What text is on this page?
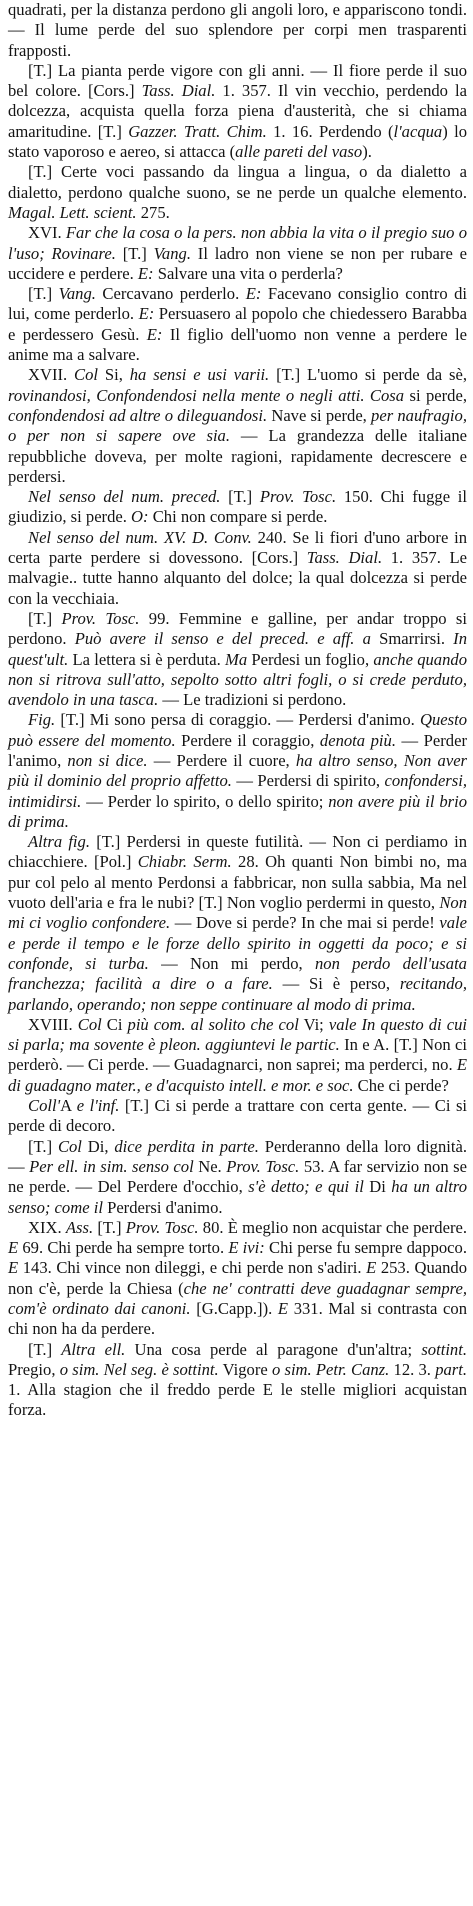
quadrati, per la distanza perdono gli angoli loro, e appariscono tondi. — Il lume perde del suo splendore per corpi men trasparenti frapposti.

[T.] La pianta perde vigore con gli anni. — Il fiore perde il suo bel colore. [Cors.] Tass. Dial. 1. 357. Il vin vecchio, perdendo la dolcezza, acquista quella forza piena d'austerità, che si chiama amaritudine. [T.] Gazzer. Tratt. Chim. 1. 16. Perdendo (l'acqua) lo stato vaporoso e aereo, si attacca (alle pareti del vaso).

[T.] Certe voci passando da lingua a lingua, o da dialetto a dialetto, perdono qualche suono, se ne perde un qualche elemento. Magal. Lett. scient. 275.

XVI. Far che la cosa o la pers. non abbia la vita o il pregio suo o l'uso; Rovinare. [T.] Vang. Il ladro non viene se non per rubare e uccidere e perdere. E: Salvare una vita o perderla?

[T.] Vang. Cercavano perderlo. E: Facevano consiglio contro di lui, come perderlo. E: Persuasero al popolo che chiedessero Barabba e perdessero Gesù. E: Il figlio dell'uomo non venne a perdere le anime ma a salvare.

XVII. Col Si, ha sensi e usi varii. [T.] L'uomo si perde da sè, rovinandosi, Confondendosi nella mente o negli atti. Cosa si perde, confondendosi ad altre o dileguandosi. Nave si perde, per naufragio, o per non si sapere ove sia. — La grandezza delle italiane repubbliche doveva, per molte ragioni, rapidamente decrescere e perdersi.

Nel senso del num. preced. [T.] Prov. Tosc. 150. Chi fugge il giudizio, si perde. O: Chi non compare si perde.

Nel senso del num. XV. D. Conv. 240. Se li fiori d'uno arbore in certa parte perdere si dovessono. [Cors.] Tass. Dial. 1. 357. Le malvagie.. tutte hanno alquanto del dolce; la qual dolcezza si perde con la vecchiaia.

[T.] Prov. Tosc. 99. Femmine e galline, per andar troppo si perdono. Può avere il senso e del preced. e aff. a Smarrirsi. In quest'ult. La lettera si è perduta. Ma Perdesi un foglio, anche quando non si ritrova sull'atto, sepolto sotto altri fogli, o si crede perduto, avendolo in una tasca. — Le tradizioni si perdono.

Fig. [T.] Mi sono persa di coraggio. — Perdersi d'animo. Questo può essere del momento. Perdere il coraggio, denota più. — Perder l'animo, non si dice. — Perdere il cuore, ha altro senso, Non aver più il dominio del proprio affetto. — Perdersi di spirito, confondersi, intimidirsi. — Perder lo spirito, o dello spirito; non avere più il brio di prima.

Altra fig. [T.] Perdersi in queste futilità. — Non ci perdiamo in chiacchiere. [Pol.] Chiabr. Serm. 28. Oh quanti Non bimbi no, ma pur col pelo al mento Perdonsi a fabbricar, non sulla sabbia, Ma nel vuoto dell'aria e fra le nubi? [T.] Non voglio perdermi in questo, Non mi ci voglio confondere. — Dove si perde? In che mai si perde! vale e perde il tempo e le forze dello spirito in oggetti da poco; e si confonde, si turba. — Non mi perdo, non perdo dell'usata franchezza; facilità a dire o a fare. — Si è perso, recitando, parlando, operando; non seppe continuare al modo di prima.

XVIII. Col Ci più com. al solito che col Vi; vale In questo di cui si parla; ma sovente è pleon. aggiuntevi le partic. In e A. [T.] Non ci perderò. — Ci perde. — Guadagnarci, non saprei; ma perderci, no. E di guadagno mater., e d'acquisto intell. e mor. e soc. Che ci perde?

Coll'A e l'inf. [T.] Ci si perde a trattare con certa gente. — Ci si perde di decoro.

[T.] Col Di, dice perdita in parte. Perderanno della loro dignità. — Per ell. in sim. senso col Ne. Prov. Tosc. 53. A far servizio non se ne perde. — Del Perdere d'occhio, s'è detto; e qui il Di ha un altro senso; come il Perdersi d'animo.

XIX. Ass. [T.] Prov. Tosc. 80. È meglio non acquistar che perdere. E 69. Chi perde ha sempre torto. E ivi: Chi perse fu sempre dappoco. E 143. Chi vince non dileggi, e chi perde non s'adiri. E 253. Quando non c'è, perde la Chiesa (che ne' contratti deve guadagnar sempre, com'è ordinato dai canoni. [G.Capp.]). E 331. Mal si contrasta con chi non ha da perdere.

[T.] Altra ell. Una cosa perde al paragone d'un'altra; sottint. Pregio, o sim. Nel seg. è sottint. Vigore o sim. Petr. Canz. 12. 3. part. 1. Alla stagion che il freddo perde E le stelle migliori acquistan forza.
